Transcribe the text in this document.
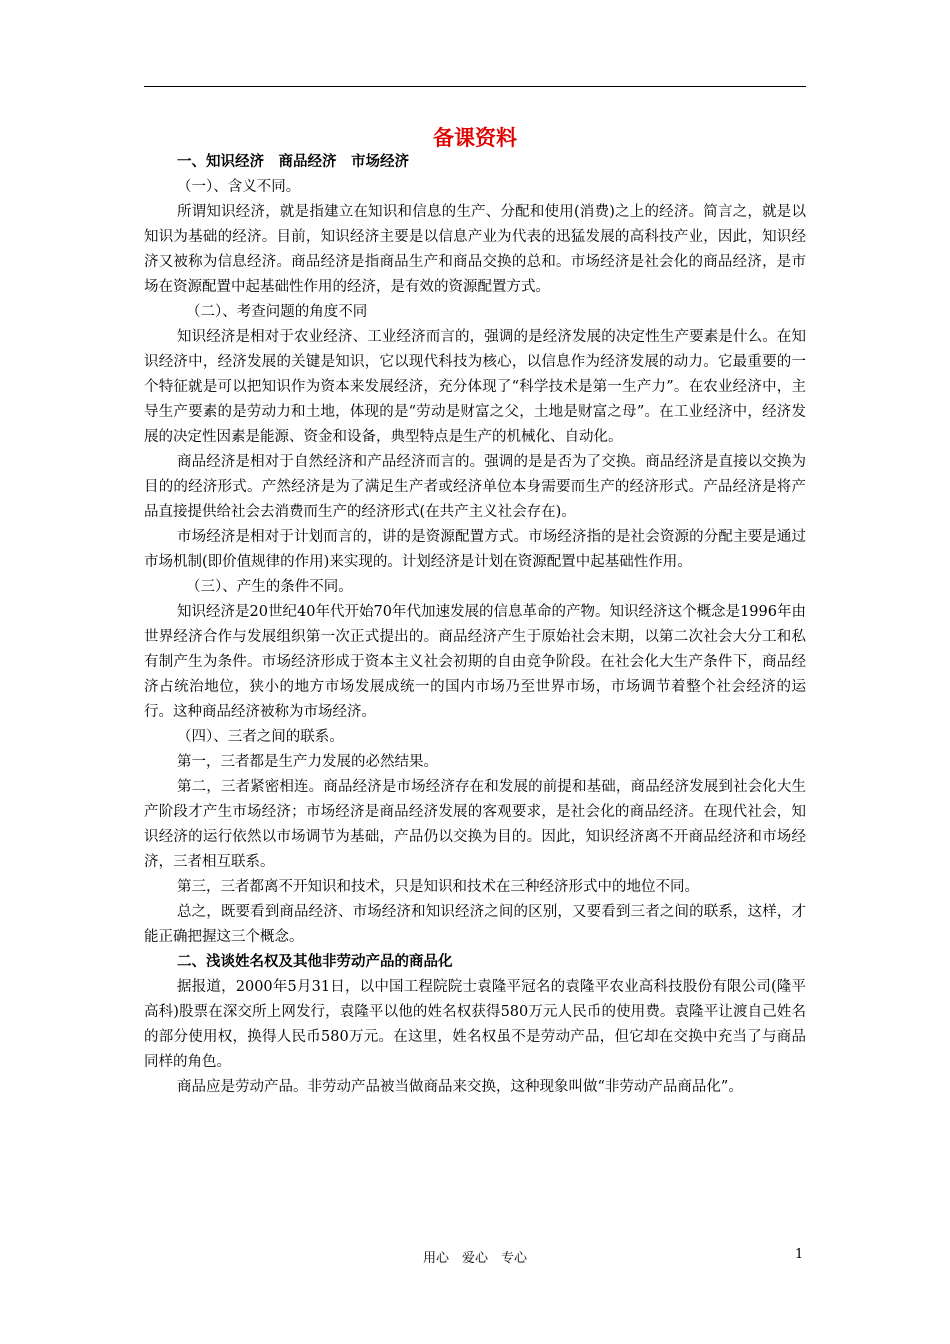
备课资料
一、知识经济　商品经济　市场经济
（一）、含义不同。
所谓知识经济，就是指建立在知识和信息的生产、分配和使用(消费)之上的经济。简言之，就是以知识为基础的经济。目前，知识经济主要是以信息产业为代表的迅猛发展的高科技产业，因此，知识经济又被称为信息经济。商品经济是指商品生产和商品交换的总和。市场经济是社会化的商品经济，是市场在资源配置中起基础性作用的经济，是有效的资源配置方式。
（二）、考查问题的角度不同
知识经济是相对于农业经济、工业经济而言的，强调的是经济发展的决定性生产要素是什么。在知识经济中，经济发展的关键是知识，它以现代科技为核心，以信息作为经济发展的动力。它最重要的一个特征就是可以把知识作为资本来发展经济，充分体现了“科学技术是第一生产力”。在农业经济中，主导生产要素的是劳动力和土地，体现的是“劳动是财富之父，土地是财富之母”。在工业经济中，经济发展的决定性因素是能源、资金和设备，典型特点是生产的机械化、自动化。
商品经济是相对于自然经济和产品经济而言的。强调的是是否为了交换。商品经济是直接以交换为目的的经济形式。产然经济是为了满足生产者或经济单位本身需要而生产的经济形式。产品经济是将产品直接提供给社会去消费而生产的经济形式(在共产主义社会存在)。
市场经济是相对于计划而言的，讲的是资源配置方式。市场经济指的是社会资源的分配主要是通过市场机制(即价值规律的作用)来实现的。计划经济是计划在资源配置中起基础性作用。
（三）、产生的条件不同。
知识经济是20世纪40年代开始70年代加速发展的信息革命的产物。知识经济这个概念是1996年由世界经济合作与发展组织第一次正式提出的。商品经济产生于原始社会末期，以第二次社会大分工和私有制产生为条件。市场经济形成于资本主义社会初期的自由竞争阶段。在社会化大生产条件下，商品经济占统治地位，狭小的地方市场发展成统一的国内市场乃至世界市场，市场调节着整个社会经济的运行。这种商品经济被称为市场经济。
（四）、三者之间的联系。
第一，三者都是生产力发展的必然结果。
第二，三者紧密相连。商品经济是市场经济存在和发展的前提和基础，商品经济发展到社会化大生产阶段才产生市场经济；市场经济是商品经济发展的客观要求，是社会化的商品经济。在现代社会，知识经济的运行依然以市场调节为基础，产品仍以交换为目的。因此，知识经济离不开商品经济和市场经济，三者相互联系。
第三，三者都离不开知识和技术，只是知识和技术在三种经济形式中的地位不同。
总之，既要看到商品经济、市场经济和知识经济之间的区别，又要看到三者之间的联系，这样，才能正确把握这三个概念。
二、浅谈姓名权及其他非劳动产品的商品化
据报道，2000年5月31日，以中国工程院院士袁隆平冠名的袁隆平农业高科技股份有限公司(隆平高科)股票在深交所上网发行，袁隆平以他的姓名权获得580万元人民币的使用费。袁隆平让渡自己姓名的部分使用权，换得人民币580万元。在这里，姓名权虽不是劳动产品，但它却在交换中充当了与商品同样的角色。
商品应是劳动产品。非劳动产品被当做商品来交换，这种现象叫做“非劳动产品商品化”。
用心　爱心　专心	1
